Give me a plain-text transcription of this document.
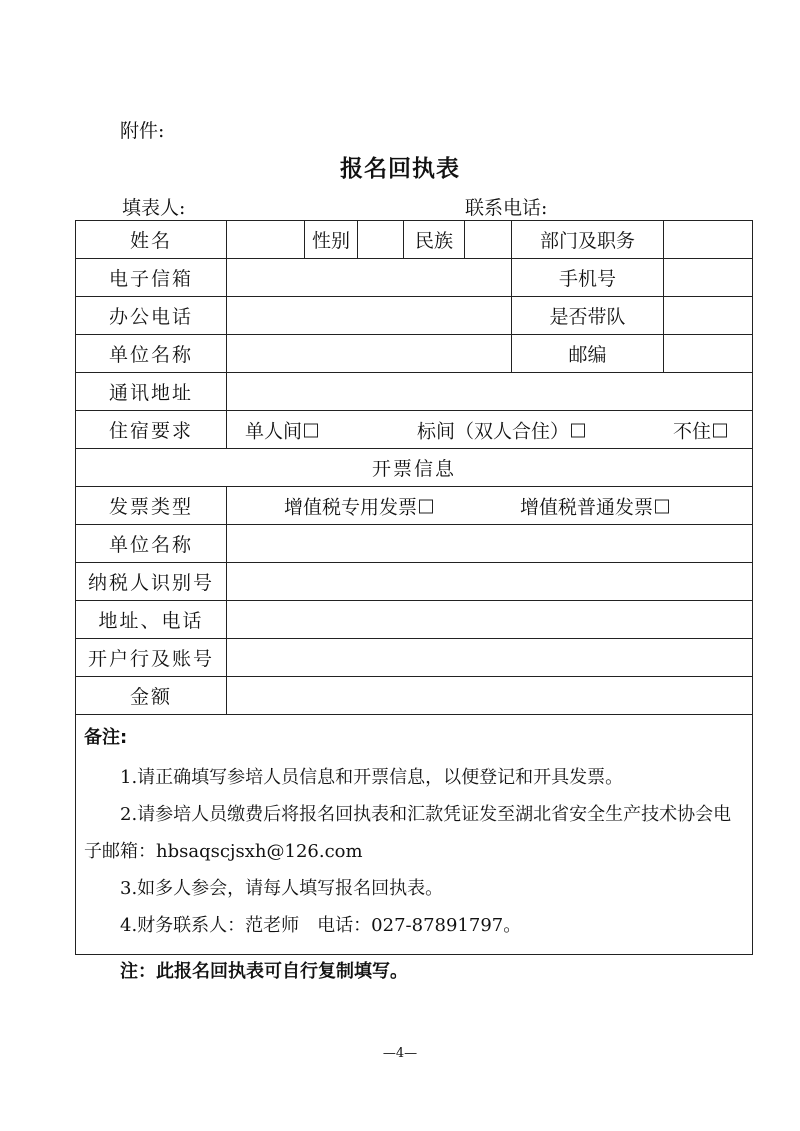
附件:
报名回执表
填表人:	联系电话:
姓名		性别		民族		部门及职务	
电子信箱						手机号	
办公电话						是否带队	
单位名称						邮编	
通讯地址							
住宿要求	单人间 标间（双人合住） 不住						

开票信息							
发票类型	增值税专用发票 增值税普通发票						

单位名称							
纳税人识别号							
地址、电话							
开户行及账号							
金额							

备注:
1.请正确填写参培人员信息和开票信息，以便登记和开具发票。
2.请参培人员缴费后将报名回执表和汇款凭证发至湖北省安全生产技术协会电子邮箱：hbsaqscjsxh@126.com
3.如多人参会，请每人填写报名回执表。
4.财务联系人：范老师　电话：027-87891797。							
注：此报名回执表可自行复制填写。
—4—
